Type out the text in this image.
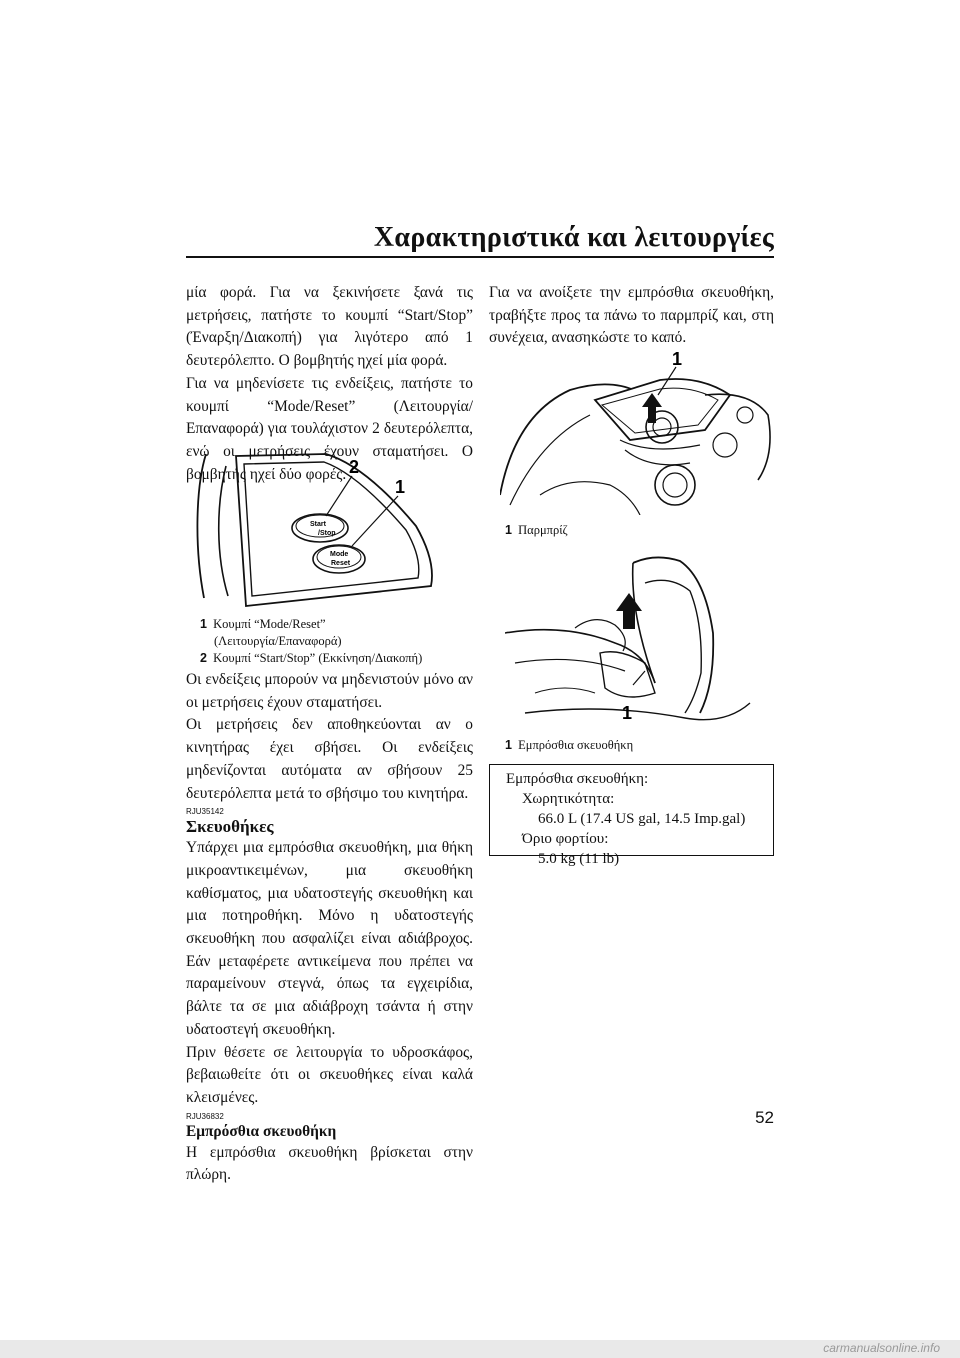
Χαρακτηριστικά και λειτουργίες

μία φορά. Για να ξεκινήσετε ξανά τις μετρήσεις, πατήστε το κουμπί “Start/Stop” (Έναρξη/Διακοπή) για λιγότερο από 1 δευτερόλεπτο. Ο βομβητής ηχεί μία φορά.

Για να μηδενίσετε τις ενδείξεις, πατήστε το κουμπί “Mode/Reset” (Λειτουργία/Επαναφορά) για τουλάχιστον 2 δευτερόλεπτα, ενώ οι μετρήσεις έχουν σταματήσει. Ο βομβητής ηχεί δύο φορές.

Start
/Stop
Mode
Reset
2
1
1 Κουμπί “Mode/Reset”
(Λειτουργία/Επαναφορά)
2 Κουμπί “Start/Stop” (Εκκίνηση/Διακοπή)

Οι ενδείξεις μπορούν να μηδενιστούν μόνο αν οι μετρήσεις έχουν σταματήσει.

Οι μετρήσεις δεν αποθηκεύονται αν ο κινητήρας έχει σβήσει. Οι ενδείξεις μηδενίζονται αυτόματα αν σβήσουν 25 δευτερόλεπτα μετά το σβήσιμο του κινητήρα.

RJU35142
Σκευοθήκες

Υπάρχει μια εμπρόσθια σκευοθήκη, μια θήκη μικροαντικειμένων, μια σκευοθήκη καθίσματος, μια υδατοστεγής σκευοθήκη και μια ποτηροθήκη. Μόνο η υδατοστεγής σκευοθήκη που ασφαλίζει είναι αδιάβροχος. Εάν μεταφέρετε αντικείμενα που πρέπει να παραμείνουν στεγνά, όπως τα εγχειρίδια, βάλτε τα σε μια αδιάβροχη τσάντα ή στην υδατοστεγή σκευοθήκη.

Πριν θέσετε σε λειτουργία το υδροσκάφος, βεβαιωθείτε ότι οι σκευοθήκες είναι καλά κλεισμένες.

RJU36832
Εμπρόσθια σκευοθήκη

Η εμπρόσθια σκευοθήκη βρίσκεται στην πλώρη.

Για να ανοίξετε την εμπρόσθια σκευοθήκη, τραβήξτε προς τα πάνω το παρμπρίζ και, στη συνέχεια, ανασηκώστε το καπό.

1
1 Παρμπρίζ
1
1 Εμπρόσθια σκευοθήκη
Εμπρόσθια σκευοθήκη:
Χωρητικότητα:
66.0 L (17.4 US gal, 14.5 Imp.gal)
Όριο φορτίου:
5.0 kg (11 lb)
52
carmanualsonline.info
